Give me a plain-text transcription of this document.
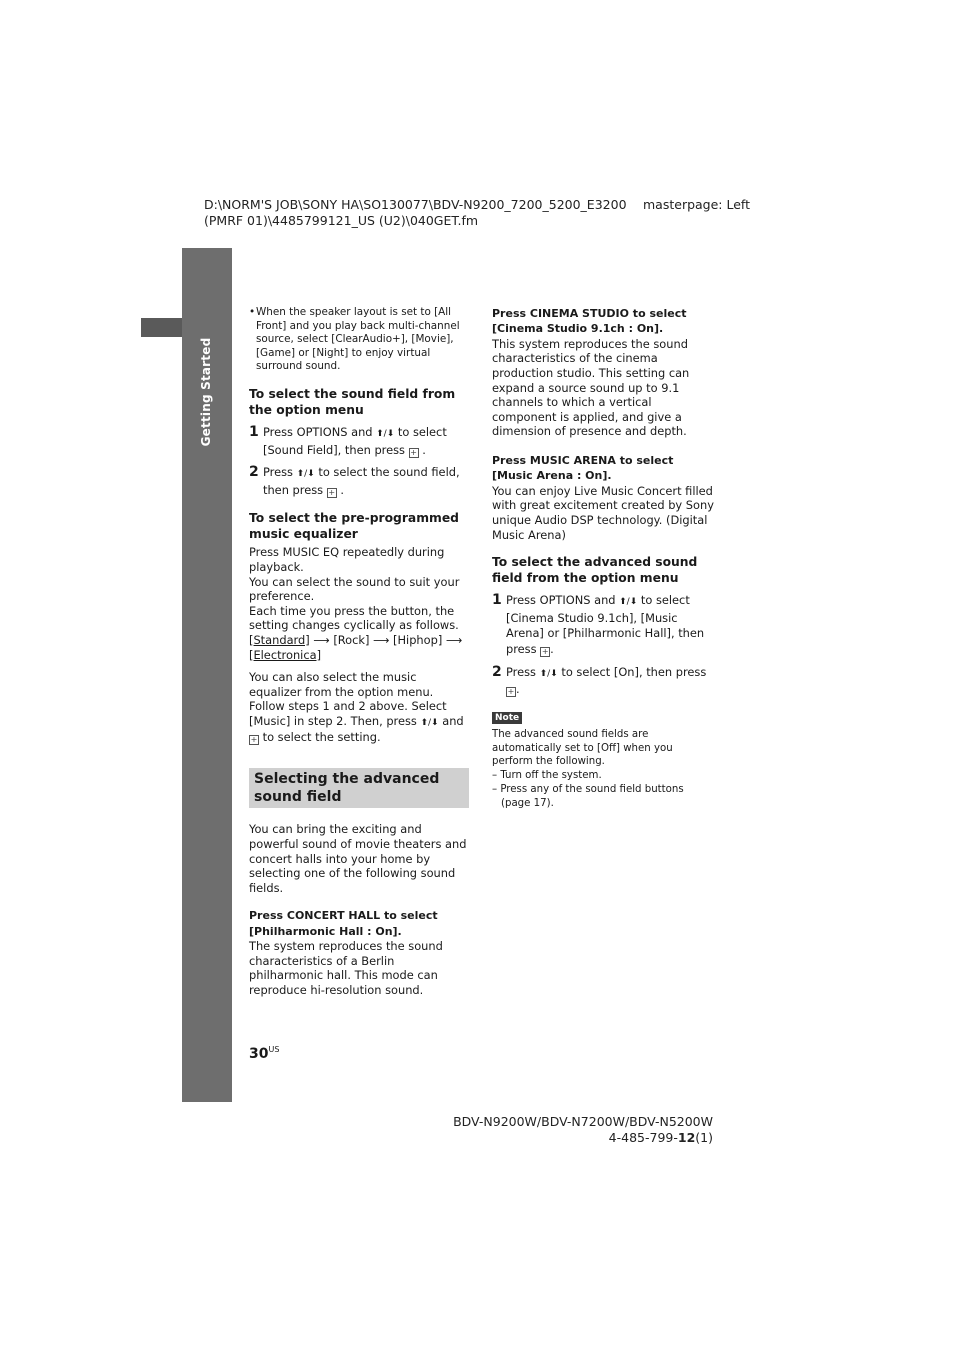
D:\NORM'S JOB\SONY HA\SO130077\BDV-N9200_7200_5200_E3200
(PMRF 01)\4485799121_US (U2)\040GET.fm
masterpage: Left
Getting Started
• When the speaker layout is set to [All Front] and you play back multi-channel source, select [ClearAudio+], [Movie], [Game] or [Night] to enjoy virtual surround sound.
To select the sound field from the option menu
1 Press OPTIONS and ⬆/⬇ to select [Sound Field], then press + .
2 Press ⬆/⬇ to select the sound field, then press + .
To select the pre-programmed music equalizer

Press MUSIC EQ repeatedly during playback.

You can select the sound to suit your preference.

Each time you press the button, the setting changes cyclically as follows.

[Standard] ⟶ [Rock] ⟶ [Hiphop] ⟶ [Electronica]

You can also select the music equalizer from the option menu. Follow steps 1 and 2 above. Select [Music] in step 2. Then, press ⬆/⬇ and + to select the setting.

Selecting the advanced sound field

You can bring the exciting and powerful sound of movie theaters and concert halls into your home by selecting one of the following sound fields.

Press CONCERT HALL to select [Philharmonic Hall : On].

The system reproduces the sound characteristics of a Berlin philharmonic hall. This mode can reproduce hi-resolution sound.

Press CINEMA STUDIO to select [Cinema Studio 9.1ch : On].

This system reproduces the sound characteristics of the cinema production studio. This setting can expand a source sound up to 9.1 channels to which a vertical component is applied, and give a dimension of presence and depth.

Press MUSIC ARENA to select [Music Arena : On].

You can enjoy Live Music Concert filled with great excitement created by Sony unique Audio DSP technology. (Digital Music Arena)

To select the advanced sound field from the option menu
1 Press OPTIONS and ⬆/⬇ to select [Cinema Studio 9.1ch], [Music Arena] or [Philharmonic Hall], then press + .
2 Press ⬆/⬇ to select [On], then press + .
Note

The advanced sound fields are automatically set to [Off] when you perform the following.

– Turn off the system.

– Press any of the sound field buttons

(page 17).

$30^{US}$
BDV-N9200W/BDV-N7200W/BDV-N5200W
4-485-799-12(1)
